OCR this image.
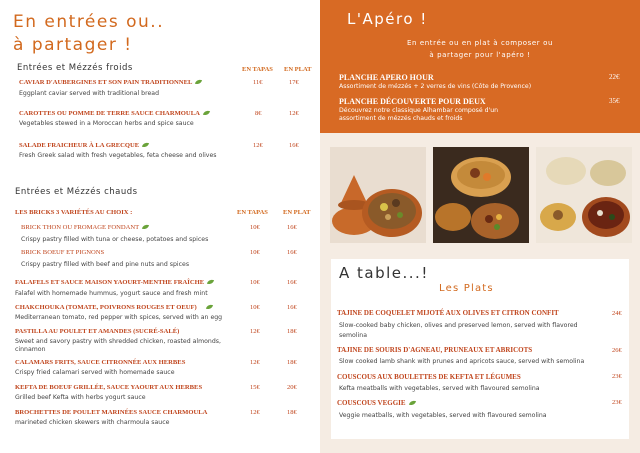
En entrées ou..
à partager !
Entrées et Mézzés froids	EN TAPAS EN PLAT
CAVIAR D'AUBERGINES ET SON PAIN TRADITIONNEL
Eggplant caviar served with traditional bread
11€	17€
CAROTTES OU POMME DE TERRE SAUCE CHARMOULA
Vegetables stewed in a Moroccan herbs and spice sauce
8€	12€
SALADE FRAICHEUR À LA GRECQUE
Fresh Greek salad with fresh vegetables, feta cheese and olives
12€	16€
Entrées et Mézzés chauds
EN TAPAS EN PLAT
LES BRICKS 3 VARIÉTÉS AU CHOIX :
BRICK THON OU FROMAGE FONDANT
Crispy pastry filled with tuna or cheese, potatoes and spices
10€	16€
BRICK BOEUF ET PIGNONS
Crispy pastry filled with beef and pine nuts and spices
10€	16€
FALAFELS ET SAUCE MAISON YAOURT-MENTHE FRAÎCHE
Falafel with homemade hummus, yogurt sauce and fresh mint
10€	16€
CHAKCHOUKA (TOMATE, POIVRONS ROUGES ET OEUF)
Mediterranean tomato, red pepper with spices, served with an egg
10€	16€
PASTILLA AU POULET ET AMANDES (SUCRÉ-SALÉ)
Sweet and savory pastry with shredded chicken, roasted almonds,
cinnamon
12€	18€
CALAMARS FRITS, SAUCE CITRONNÉE AUX HERBES
Crispy fried calamari served with homemade sauce
12€	18€
KEFTA DE BOEUF GRILLÉE, SAUCE YAOURT AUX HERBES
Grilled beef Kefta with herbs yogurt sauce
15€	20€
BROCHETTES DE POULET MARINÉES SAUCE CHARMOULA
marineted chicken skewers with charmoula sauce
12€	18€
L'Apéro !
En entrée ou en plat à composer ou
à partager pour l'apéro !
PLANCHE APERO HOUR
Assortiment de mézzés + 2 verres de vins (Côte de Provence)
22€
PLANCHE DÉCOUVERTE POUR DEUX
Découvrez notre classique Alhambar composé d'un
assortiment de mézzés chauds et froids
35€
A table...!
Les Plats
TAJINE DE COQUELET MIJOTÉ AUX OLIVES ET CITRON CONFIT
Slow-cooked baby chicken, olives and preserved lemon, served with flavored
semolina
24€
TAJINE DE SOURIS D'AGNEAU, PRUNEAUX ET ABRICOTS
Slow cooked lamb shank with prunes and apricots sauce, served with semolina
26€
COUSCOUS AUX BOULETTES DE KEFTA ET LÉGUMES
Kefta meatballs with vegetables, served with flavoured semolina
23€
COUSCOUS VEGGIE
Veggie meatballs, with vegetables, served with flavoured semolina
23€
